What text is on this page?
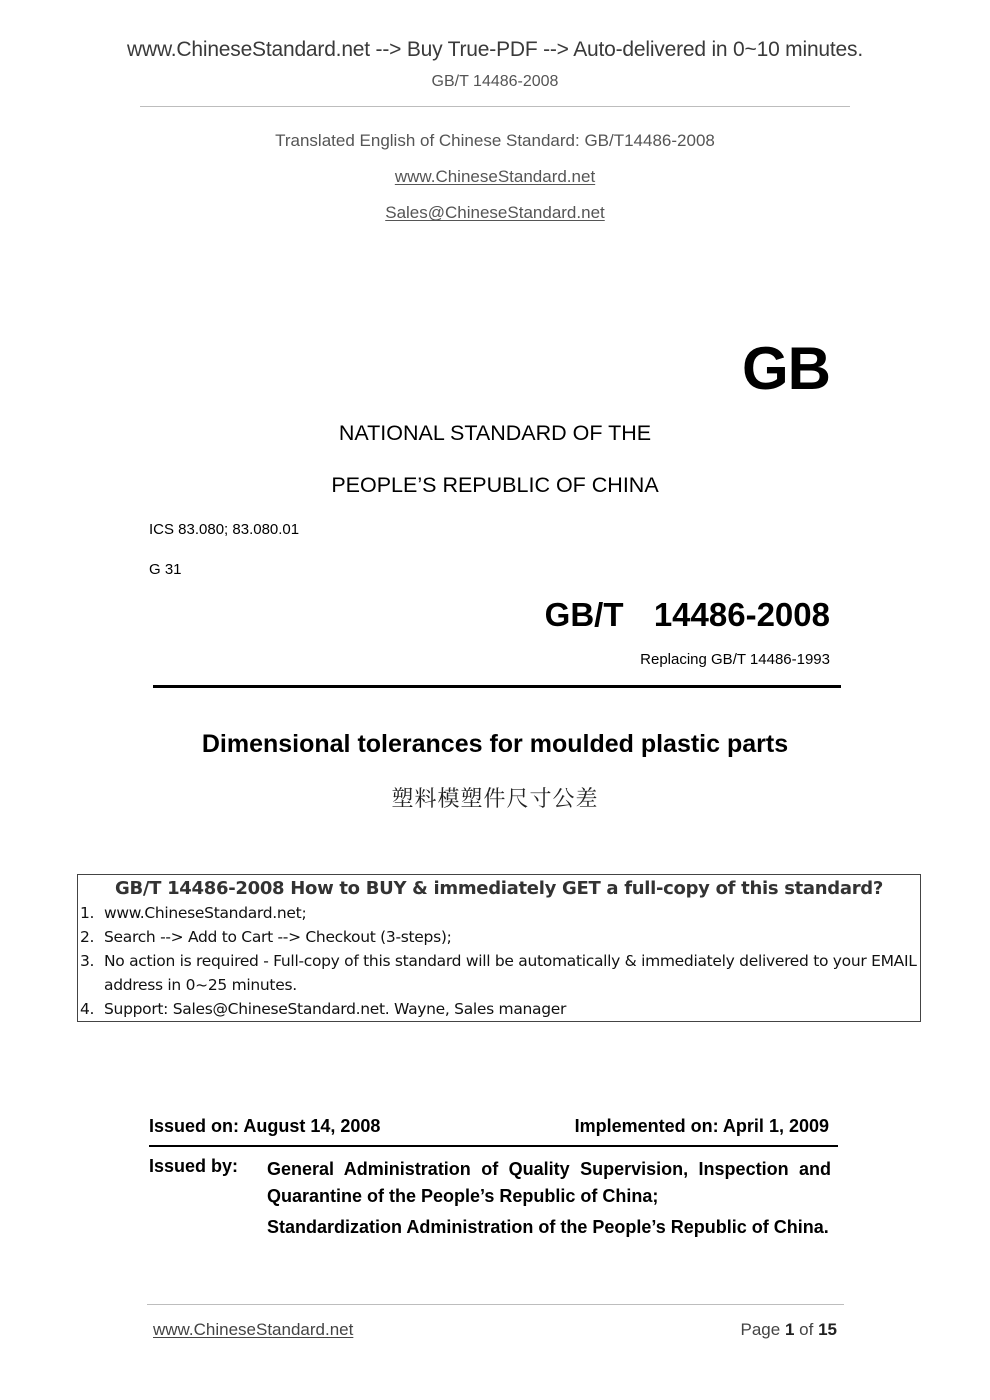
www.ChineseStandard.net --> Buy True-PDF --> Auto-delivered in 0~10 minutes.
GB/T 14486-2008
Translated English of Chinese Standard: GB/T14486-2008
www.ChineseStandard.net
Sales@ChineseStandard.net
GB
NATIONAL STANDARD OF THE
PEOPLE’S REPUBLIC OF CHINA
ICS 83.080; 83.080.01
G 31
GB/T  14486-2008
Replacing GB/T 14486-1993
Dimensional tolerances for moulded plastic parts
塑料模塑件尺寸公差
GB/T 14486-2008 How to BUY & immediately GET a full-copy of this standard?
1. www.ChineseStandard.net;
2. Search --> Add to Cart --> Checkout (3-steps);
3. No action is required - Full-copy of this standard will be automatically & immediately delivered to your EMAIL address in 0~25 minutes.
4. Support: Sales@ChineseStandard.net. Wayne, Sales manager
Issued on: August 14, 2008	Implemented on: April 1, 2009
Issued by: General Administration of Quality Supervision, Inspection and Quarantine of the People’s Republic of China;
Standardization Administration of the People’s Republic of China.
www.ChineseStandard.net	Page 1 of 15
